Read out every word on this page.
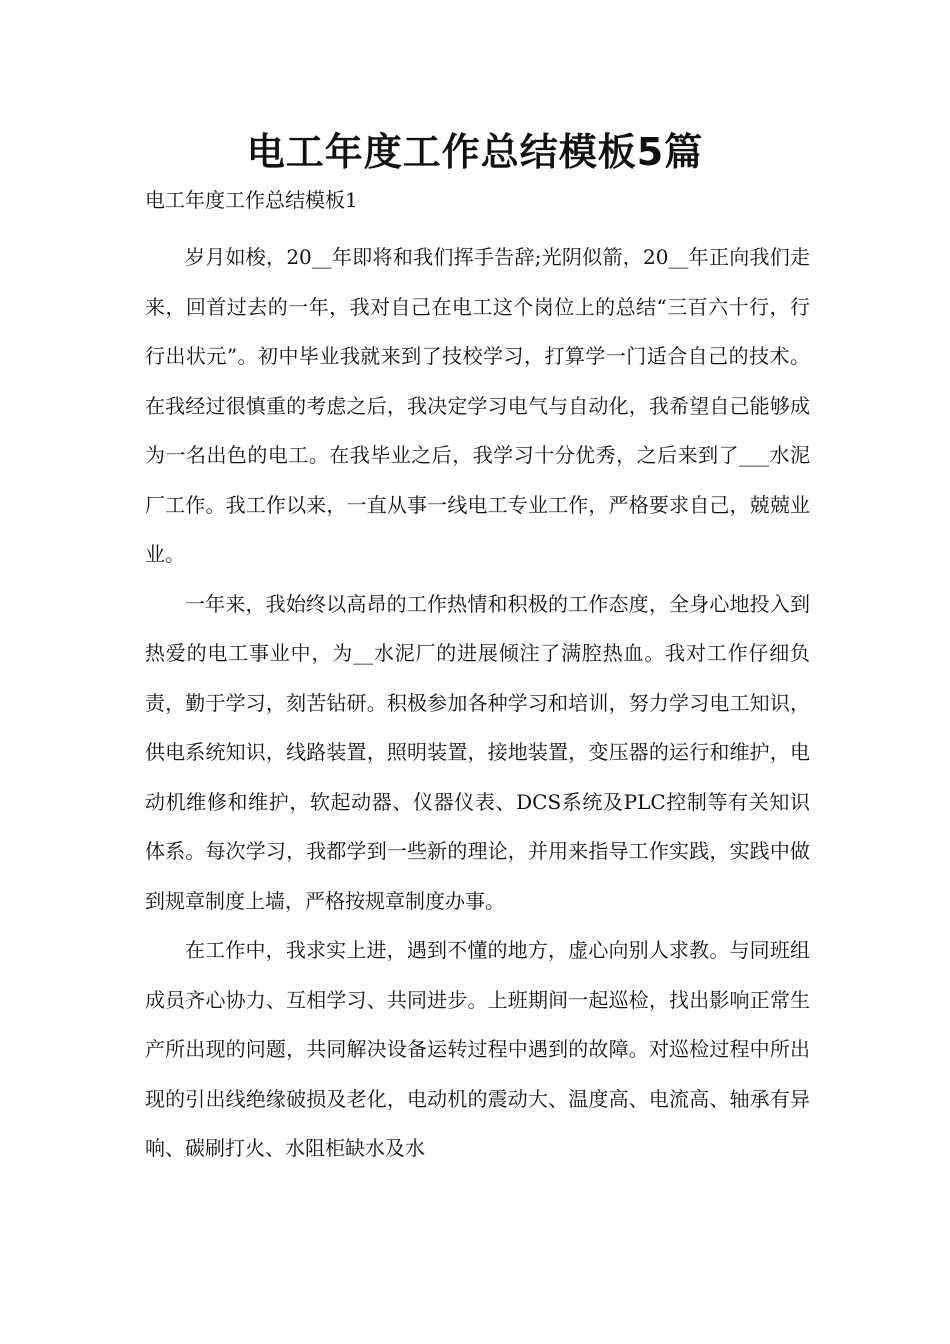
电工年度工作总结模板5篇

电工年度工作总结模板1

岁月如梭，20__年即将和我们挥手告辞;光阴似箭，20__年正向我们走来，回首过去的一年，我对自己在电工这个岗位上的总结“三百六十行，行行出状元”。初中毕业我就来到了技校学习，打算学一门适合自己的技术。在我经过很慎重的考虑之后，我决定学习电气与自动化，我希望自己能够成为一名出色的电工。在我毕业之后，我学习十分优秀，之后来到了___水泥厂工作。我工作以来，一直从事一线电工专业工作，严格要求自己，兢兢业业。

一年来，我始终以高昂的工作热情和积极的工作态度，全身心地投入到热爱的电工事业中，为__水泥厂的进展倾注了满腔热血。我对工作仔细负责，勤于学习，刻苦钻研。积极参加各种学习和培训，努力学习电工知识，供电系统知识，线路装置，照明装置，接地装置，变压器的运行和维护，电动机维修和维护，软起动器、仪器仪表、DCS系统及PLC控制等有关知识体系。每次学习，我都学到一些新的理论，并用来指导工作实践，实践中做到规章制度上墙，严格按规章制度办事。

在工作中，我求实上进，遇到不懂的地方，虚心向别人求教。与同班组成员齐心协力、互相学习、共同进步。上班期间一起巡检，找出影响正常生产所出现的问题，共同解决设备运转过程中遇到的故障。对巡检过程中所出现的引出线绝缘破损及老化，电动机的震动大、温度高、电流高、轴承有异响、碳刷打火、水阻柜缺水及水
